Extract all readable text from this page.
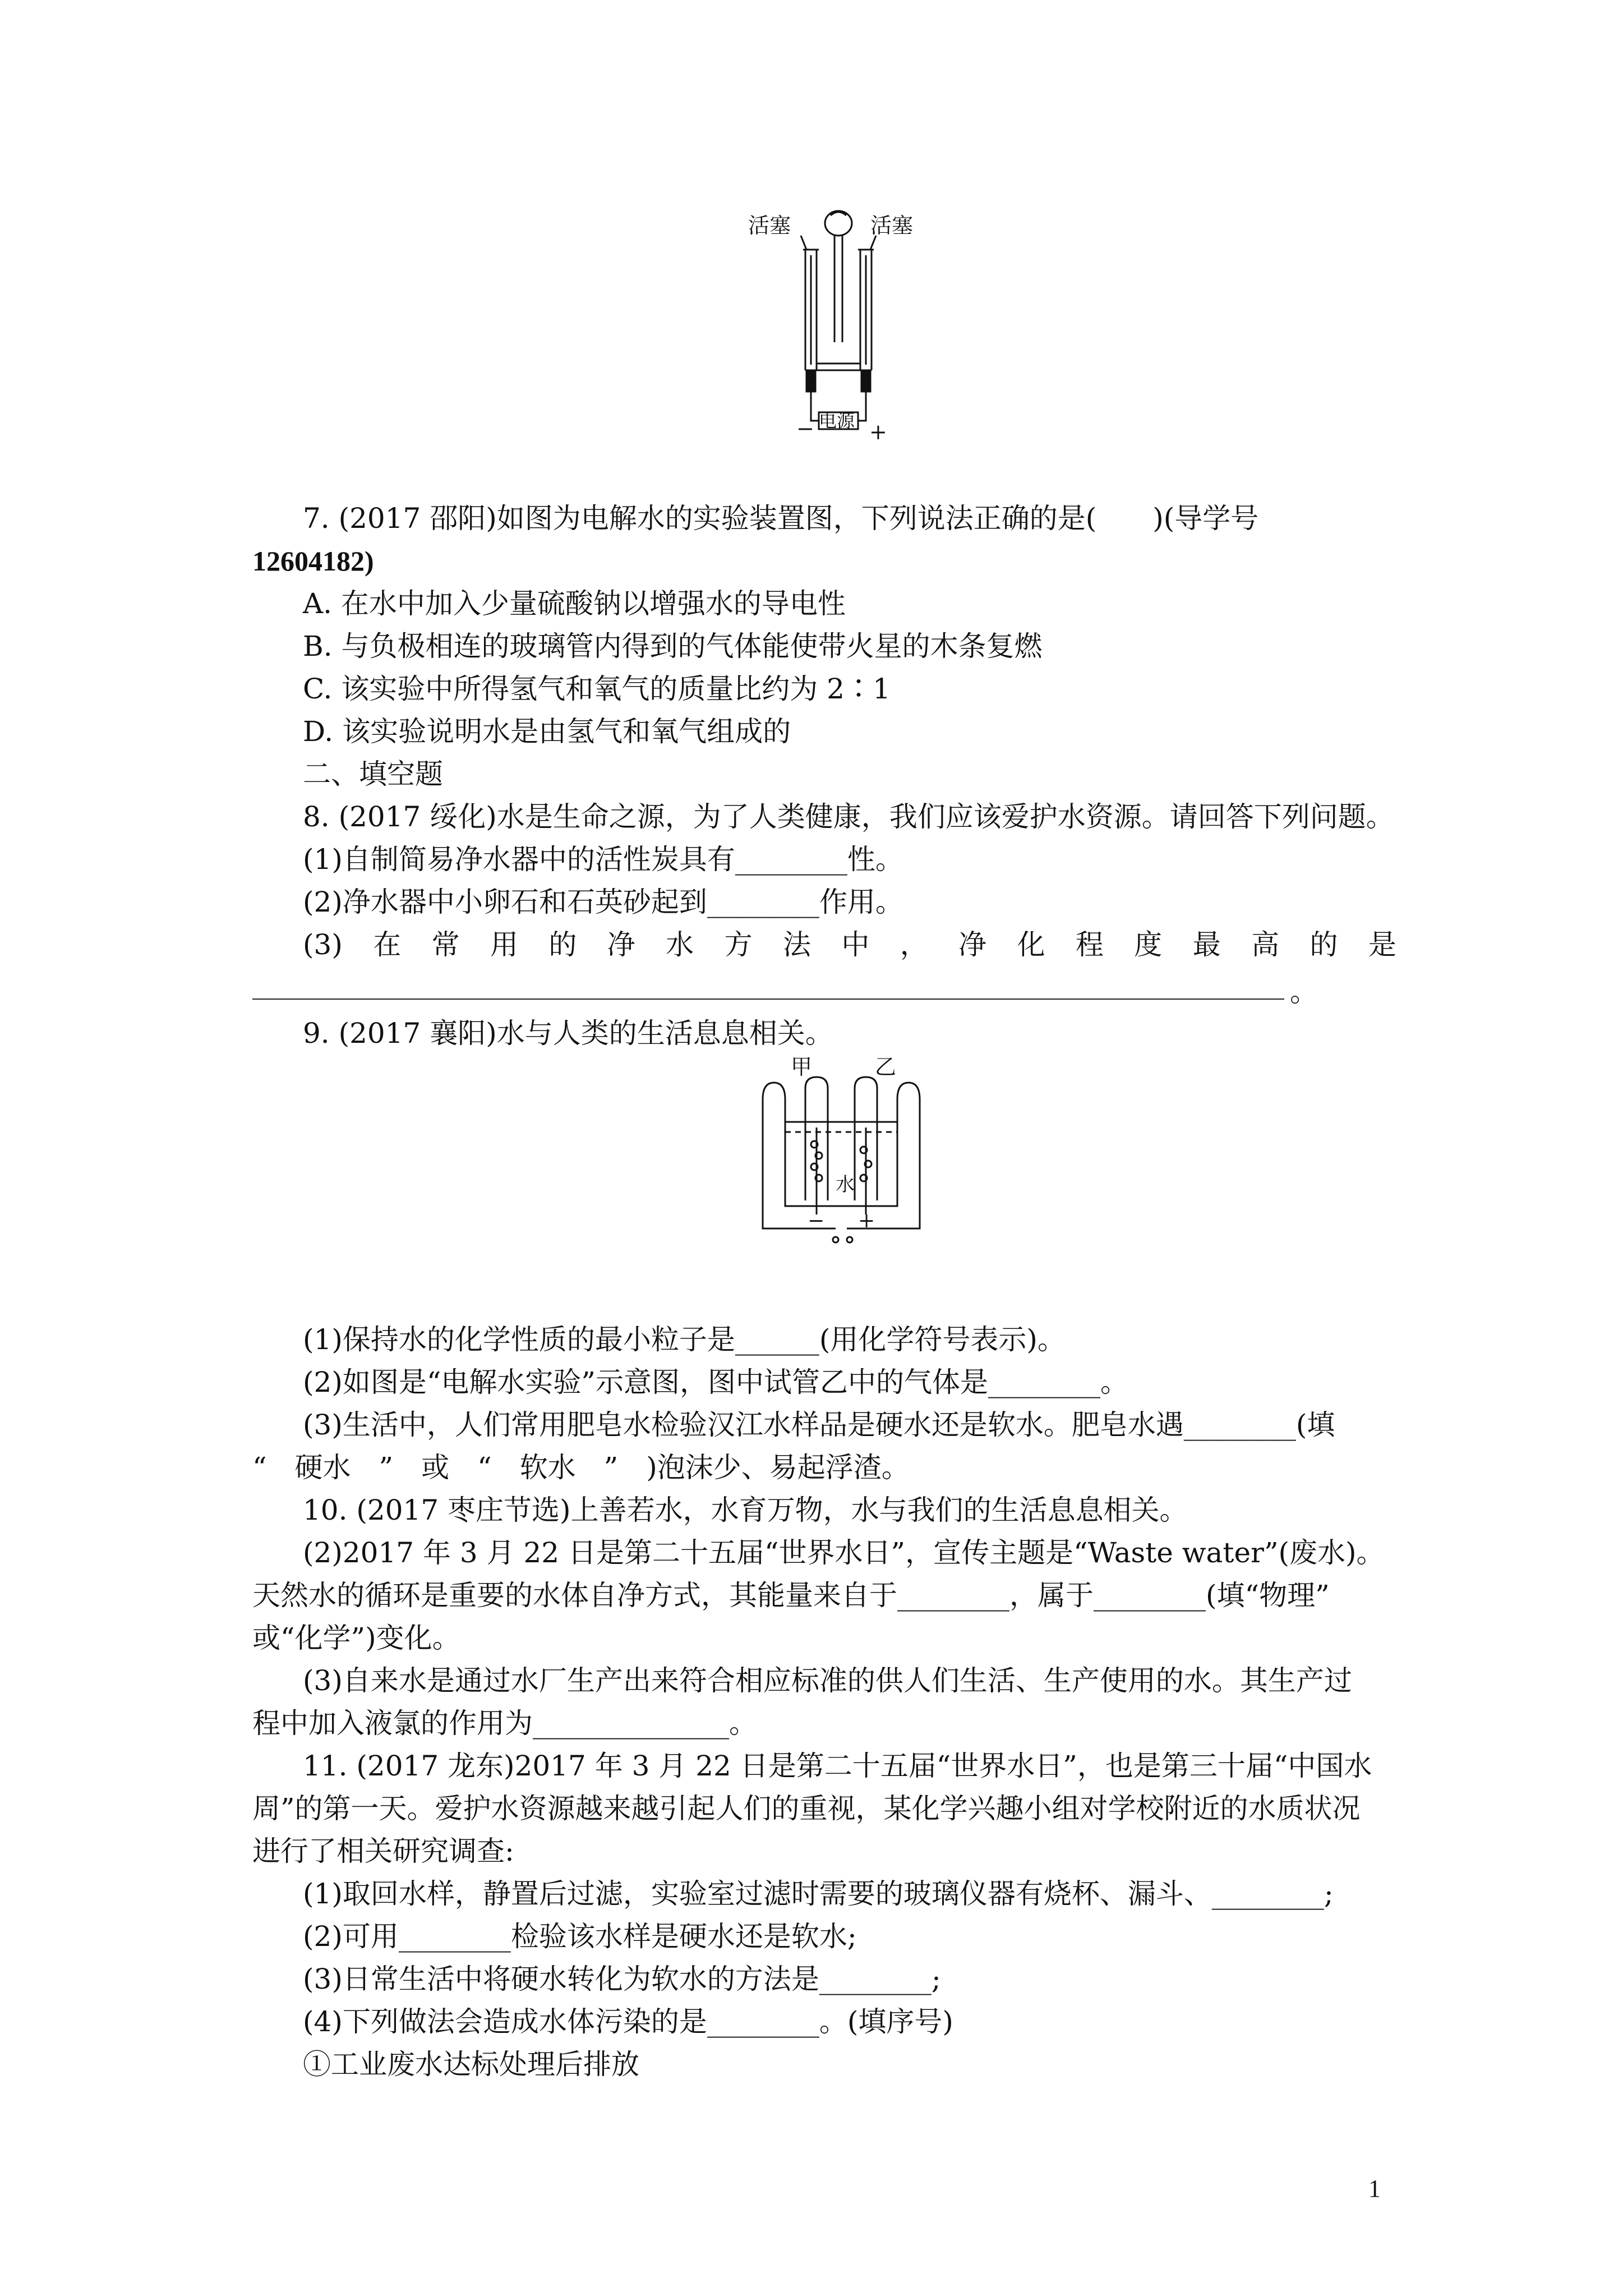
活塞	活塞
− 电源 +
7. (2017 邵阳)如图为电解水的实验装置图，下列说法正确的是(　　)(导学号
12604182)
A. 在水中加入少量硫酸钠以增强水的导电性
B. 与负极相连的玻璃管内得到的气体能使带火星的木条复燃
C. 该实验中所得氢气和氧气的质量比约为 2∶1
D. 该实验说明水是由氢气和氧气组成的
二、填空题
8. (2017 绥化)水是生命之源，为了人类健康，我们应该爱护水资源。请回答下列问题。
(1)自制简易净水器中的活性炭具有________性。
(2)净水器中小卵石和石英砂起到________作用。
(3) 在 常 用 的 净 水 方 法 中 ， 净 化 程 度 最 高 的 是
。
9. (2017 襄阳)水与人类的生活息息相关。
甲	乙
水
− +
(1)保持水的化学性质的最小粒子是______(用化学符号表示)。
(2)如图是“电解水实验”示意图，图中试管乙中的气体是________。
(3)生活中，人们常用肥皂水检验汉江水样品是硬水还是软水。肥皂水遇________(填
“　硬水　”　或　“　软水　”　)泡沫少、易起浮渣。
10. (2017 枣庄节选)上善若水，水育万物，水与我们的生活息息相关。
(2)2017 年 3 月 22 日是第二十五届“世界水日”，宣传主题是“Waste water”(废水)。
天然水的循环是重要的水体自净方式，其能量来自于________，属于________(填“物理”
或“化学”)变化。
(3)自来水是通过水厂生产出来符合相应标准的供人们生活、生产使用的水。其生产过
程中加入液氯的作用为______________。
11. (2017 龙东)2017 年 3 月 22 日是第二十五届“世界水日”，也是第三十届“中国水
周”的第一天。爱护水资源越来越引起人们的重视，某化学兴趣小组对学校附近的水质状况
进行了相关研究调查:
(1)取回水样，静置后过滤，实验室过滤时需要的玻璃仪器有烧杯、漏斗、________;
(2)可用________检验该水样是硬水还是软水;
(3)日常生活中将硬水转化为软水的方法是________;
(4)下列做法会造成水体污染的是________。(填序号)
①工业废水达标处理后排放
1
